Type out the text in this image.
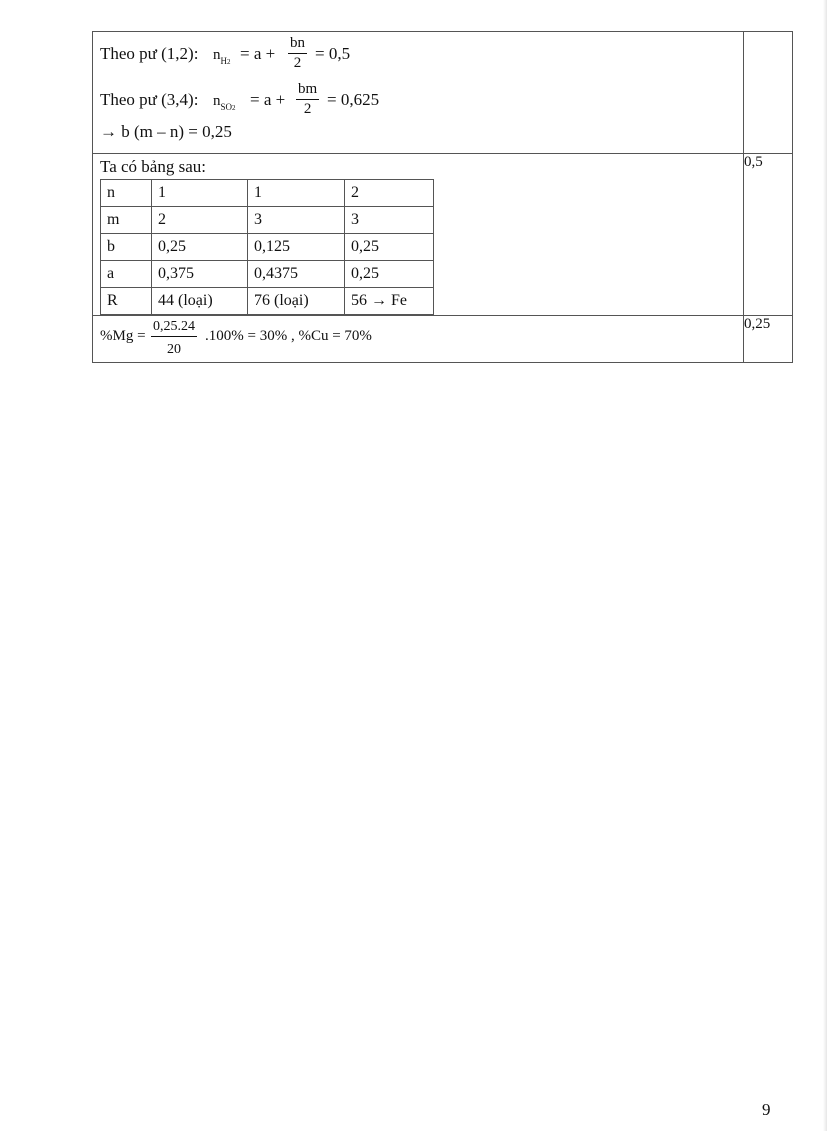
Theo pư (1,2): $n_{H2} = a + \frac{bn}{2} = 0,5$
Theo pư (3,4): $n_{SO2} = a + \frac{bm}{2} = 0,625$
→ b (m – n) = 0,25

Ta có bảng sau:
n	1	1	2
m	2	3	3
b	0,25	0,125	0,25
a	0,375	0,4375	0,25
R	44 (loại)	76 (loại)	56 → Fe
	0,5

$\%Mg = \frac{0,25.24}{20} .100\% = 30\%$ , %Cu = 70%
	0,25
9
